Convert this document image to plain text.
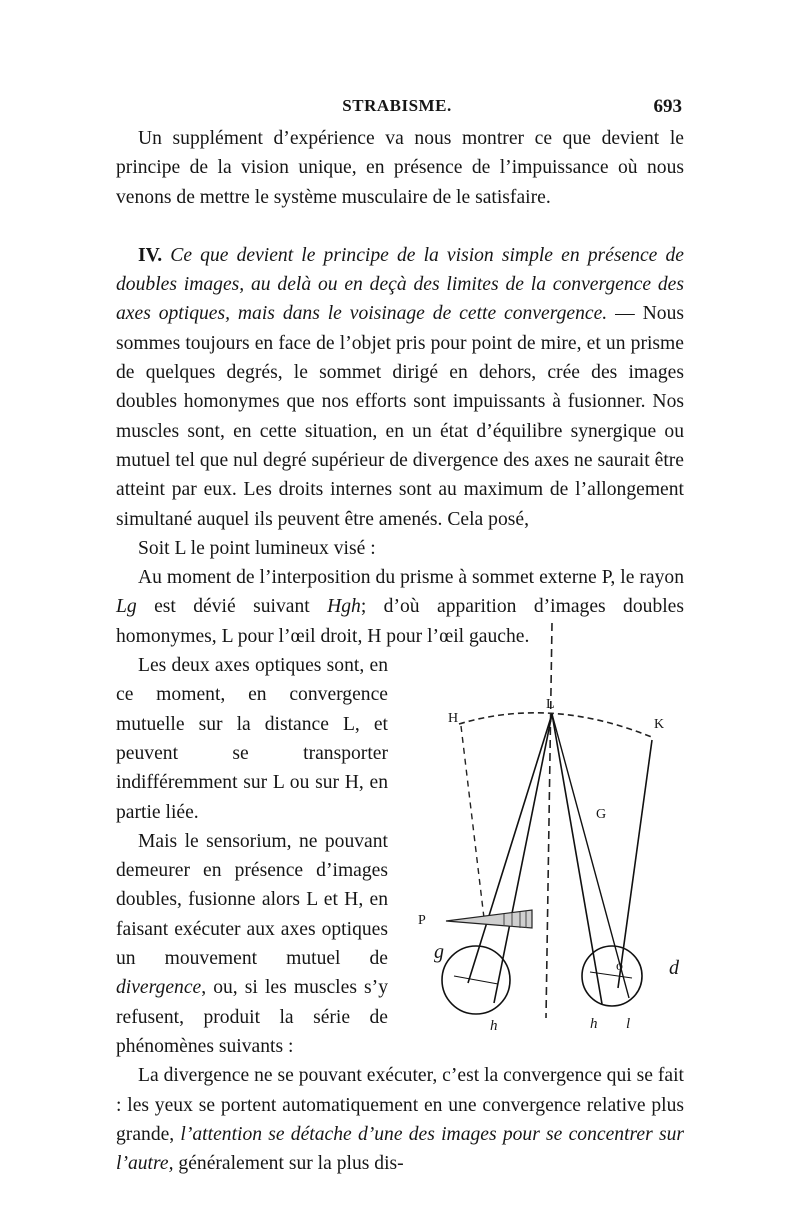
STRABISME.	693

Un supplément d’expérience va nous montrer ce que devient le principe de la vision unique, en présence de l’impuissance où nous venons de mettre le système musculaire de le satisfaire.

IV. Ce que devient le principe de la vision simple en présence de doubles images, au delà ou en deçà des limites de la convergence des axes optiques, mais dans le voisinage de cette convergence. — Nous sommes toujours en face de l’objet pris pour point de mire, et un prisme de quelques degrés, le sommet dirigé en dehors, crée des images doubles homonymes que nos efforts sont impuissants à fusionner. Nos muscles sont, en cette situation, en un état d’équilibre synergique ou mutuel tel que nul degré supérieur de divergence des axes ne saurait être atteint par eux. Les droits internes sont au maximum de l’allongement simultané auquel ils peuvent être amenés. Cela posé,

Soit L le point lumineux visé :

Au moment de l’interposition du prisme à sommet externe P, le rayon Lg est dévié suivant Hgh; d’où apparition d’images doubles homonymes, L pour l’œil droit, H pour l’œil gauche.

Les deux axes optiques sont, en ce moment, en convergence mutuelle sur la distance L, et peuvent se transporter indifféremment sur L ou sur H, en partie liée.

Mais le sensorium, ne pouvant demeurer en présence d’images doubles, fusionne alors L et H, en faisant exécuter aux axes optiques un mouvement mutuel de divergence, ou, si les muscles s’y refusent, produit la série de phénomènes suivants :

La divergence ne se pouvant exécuter, c’est la convergence qui se fait : les yeux se portent automatiquement en une convergence relative plus grande, l’attention se détache d’une des images pour se concentrer sur l’autre, généralement sur la plus dis-

H
L
K
G
P
g
d
o
h	h l
